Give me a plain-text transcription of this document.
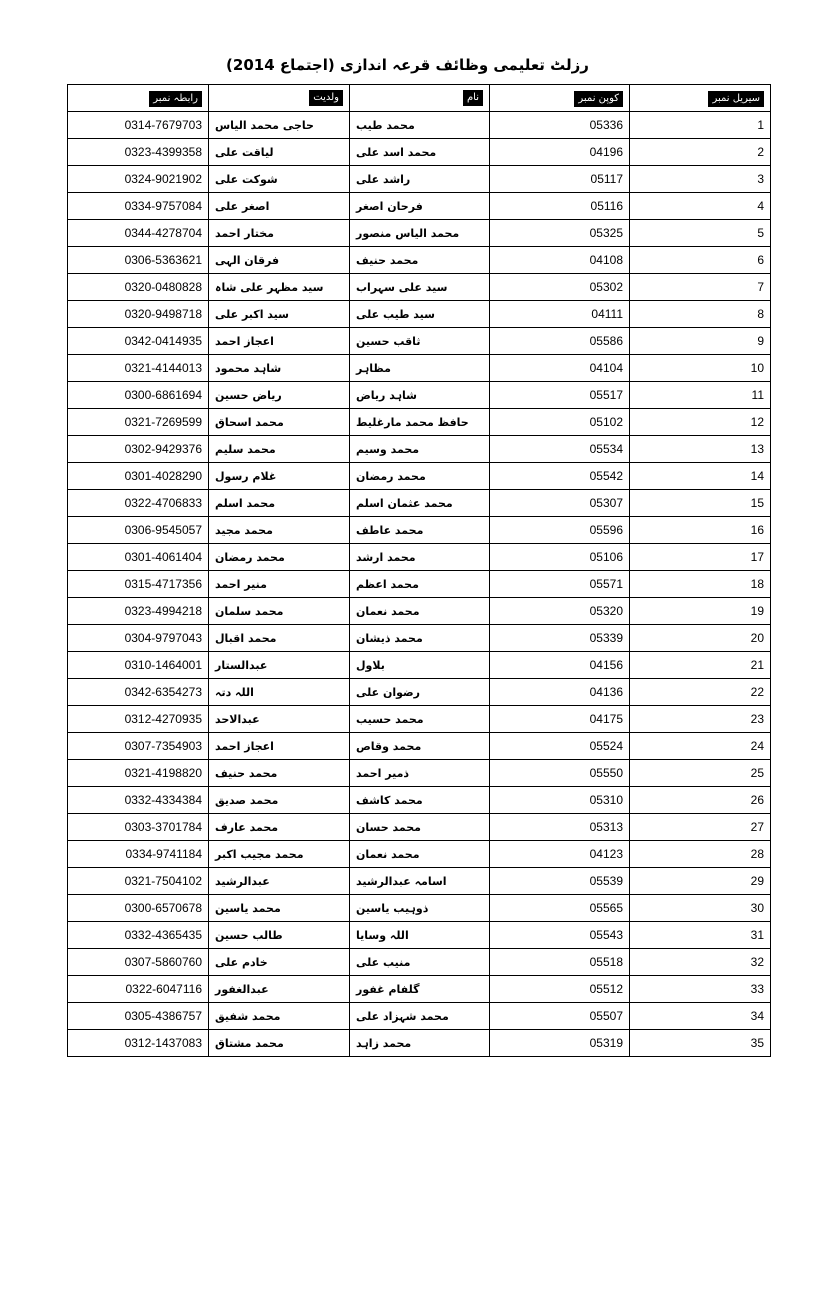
رزلٹ تعلیمی وظائف قرعہ اندازی (اجتماع 2014)
رابطہ نمبر	ولدیت	نام	کوپن نمبر	سیریل نمبر
0314-7679703	حاجی محمد الیاس	محمد طیب	05336	1
0323-4399358	لیاقت علی	محمد اسد علی	04196	2
0324-9021902	شوکت علی	راشد علی	05117	3
0334-9757084	اصغر علی	فرحان اصغر	05116	4
0344-4278704	مختار احمد	محمد الیاس منصور	05325	5
0306-5363621	فرقان الہی	محمد حنیف	04108	6
0320-0480828	سید مظہر علی شاہ	سید علی سہراب	05302	7
0320-9498718	سید اکبر علی	سید طیب علی	04111	8
0342-0414935	اعجاز احمد	ثاقب حسین	05586	9
0321-4144013	شاہد محمود	مظاہر	04104	10
0300-6861694	ریاض حسین	شاہد ریاض	05517	11
0321-7269599	محمد اسحاق	حافظ محمد مارغلیط	05102	12
0302-9429376	محمد سلیم	محمد وسیم	05534	13
0301-4028290	غلام رسول	محمد رمضان	05542	14
0322-4706833	محمد اسلم	محمد عثمان اسلم	05307	15
0306-9545057	محمد مجید	محمد عاطف	05596	16
0301-4061404	محمد رمضان	محمد ارشد	05106	17
0315-4717356	منیر احمد	محمد اعظم	05571	18
0323-4994218	محمد سلمان	محمد نعمان	05320	19
0304-9797043	محمد اقبال	محمد ذیشان	05339	20
0310-1464001	عبدالستار	بلاول	04156	21
0342-6354273	اللہ دتہ	رضوان علی	04136	22
0312-4270935	عبدالاحد	محمد حسیب	04175	23
0307-7354903	اعجاز احمد	محمد وقاص	05524	24
0321-4198820	محمد حنیف	ذمیر احمد	05550	25
0332-4334384	محمد صدیق	محمد کاشف	05310	26
0303-3701784	محمد عارف	محمد حسان	05313	27
0334-9741184	محمد مجیب اکبر	محمد نعمان	04123	28
0321-7504102	عبدالرشید	اسامہ عبدالرشید	05539	29
0300-6570678	محمد یاسین	ذوہیب یاسین	05565	30
0332-4365435	طالب حسین	اللہ وسایا	05543	31
0307-5860760	خادم علی	منیب علی	05518	32
0322-6047116	عبدالغفور	گلفام غفور	05512	33
0305-4386757	محمد شفیق	محمد شہزاد علی	05507	34
0312-1437083	محمد مشتاق	محمد زاہد	05319	35
